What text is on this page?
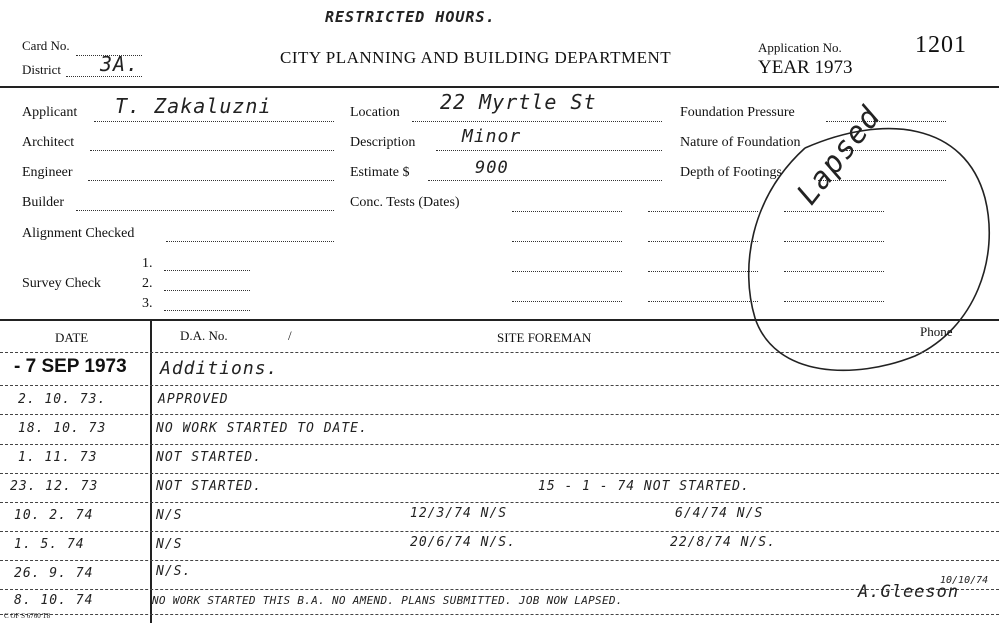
RESTRICTED HOURS.
Card No.
District 3A.	CITY PLANNING AND BUILDING DEPARTMENT
Application No.	1201
YEAR 1973
Applicant T. Zakaluzni
Architect
Engineer
Builder
Alignment Checked
Survey Check
1.
2.
3.
Location 22 Myrtle St
Description	Minor
Estimate $	900
Conc. Tests (Dates)
Foundation Pressure
Nature of Foundation
Depth of Footings Lapsed
DATE	D.A. No.	/	SITE FOREMAN	Phone
- 7 SEP 1973 Additions.
2. 10. 73.	APPROVED
18. 10. 73	NO WORK STARTED TO DATE.
1. 11. 73	NOT STARTED.
23. 12. 73	NOT STARTED.	15 - 1 - 74 NOT STARTED.
10. 2. 74	N/S	12/3/74 N/S	6/4/74 N/S
1. 5. 74	N/S	20/6/74 N/S.	22/8/74 N/S.
26. 9. 74	N/S.
8. 10. 74	NO WORK STARTED THIS B.A. NO AMEND. PLANS SUBMITTED. JOB NOW LAPSED.	A.Gleeson
10/10/74
C OF S 6760 T8
